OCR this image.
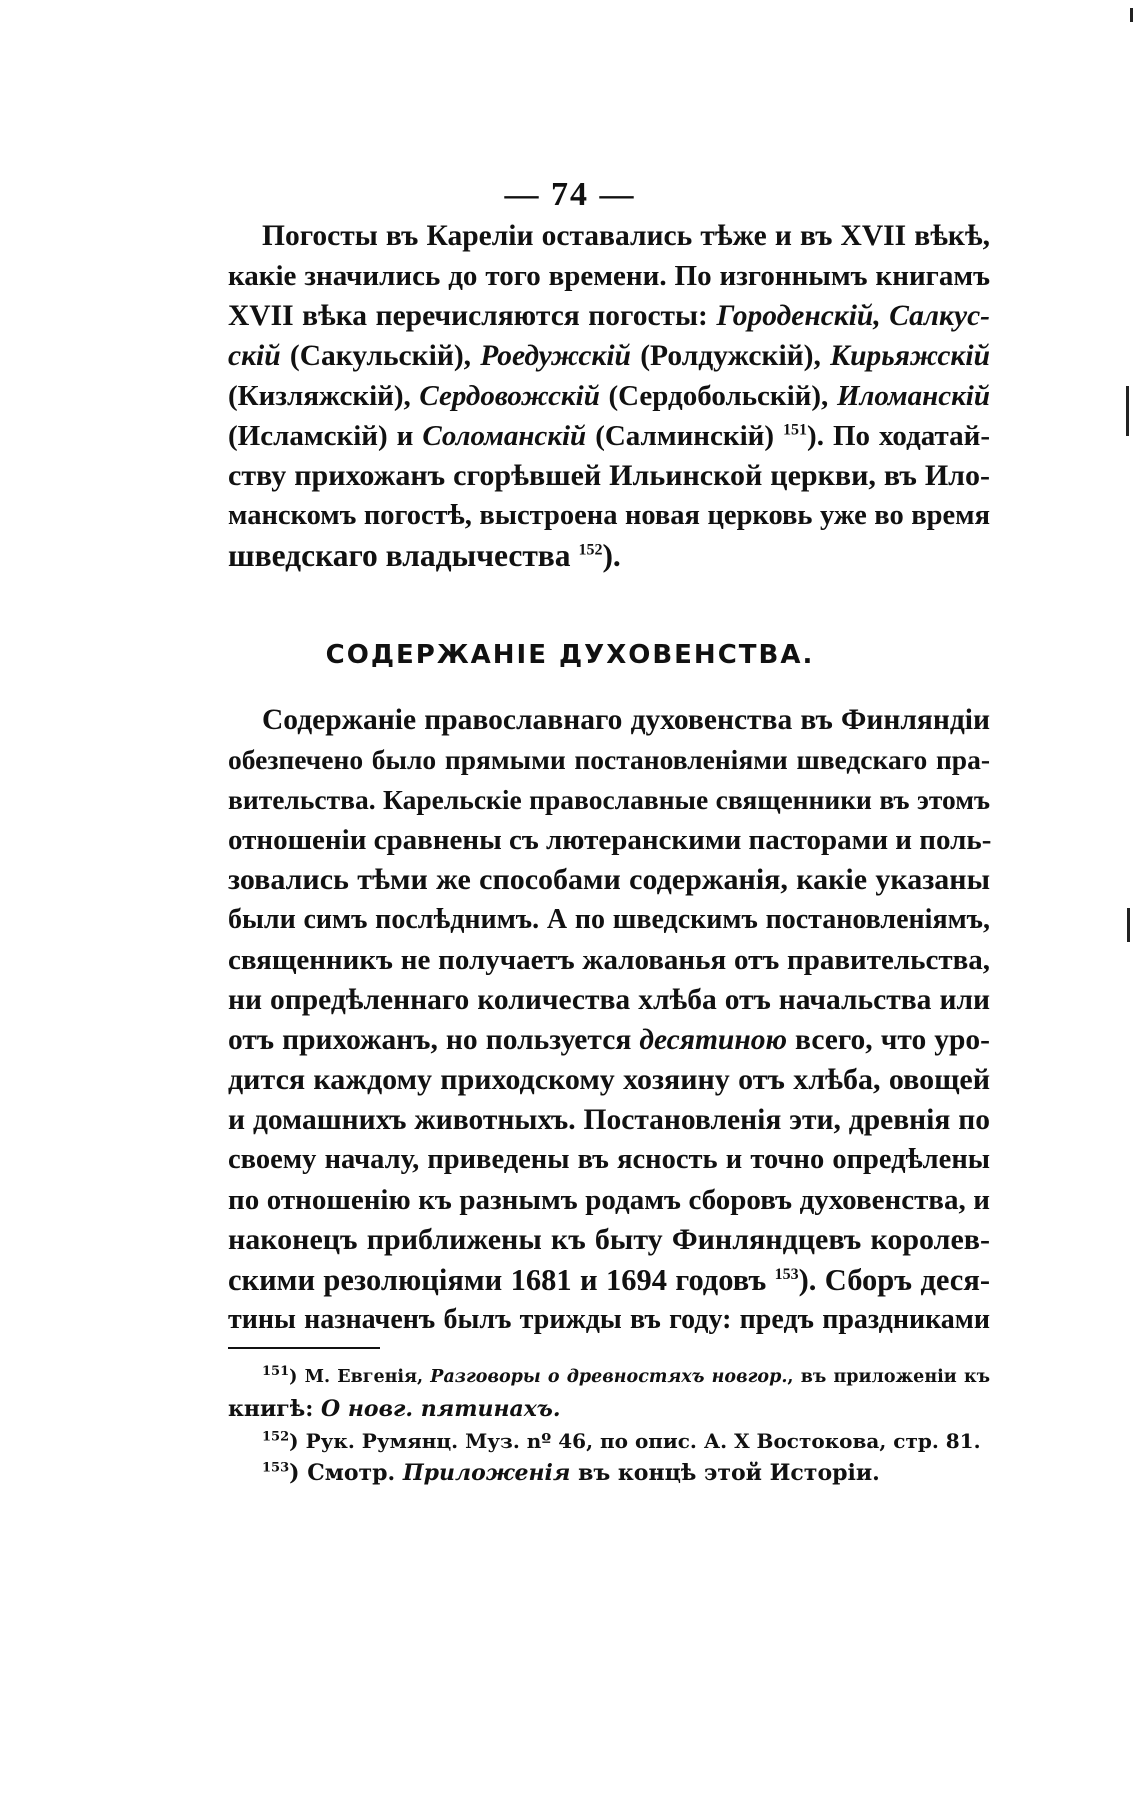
— 74 —
Погосты въ Кареліи оставались тѣже и въ XVII вѣкѣ,
какіе значились до того времени. По изгоннымъ книгамъ
XVII вѣка перечисляются погосты: Городенскій, Салкус-
скій (Сакульскій), Роедужскій (Ролдужскій), Кирьяжскій
(Кизляжскій), Сердовожскій (Сердобольскій), Иломанскій
(Исламскій) и Соломанскій (Салминскій) $^{151}$). По ходатай-
ству прихожанъ сгорѣвшей Ильинской церкви, въ Ило-
манскомъ погостѣ, выстроена новая церковь уже во время
шведскаго владычества $^{152}$).
СОДЕРЖАНІЕ ДУХОВЕНСТВА.
Содержаніе православнаго духовенства въ Финляндіи
обезпечено было прямыми постановленіями шведскаго пра-
вительства. Карельскіе православные священники въ этомъ
отношеніи сравнены съ лютеранскими пасторами и поль-
зовались тѣми же способами содержанія, какіе указаны
были симъ послѣднимъ. А по шведскимъ постановленіямъ,
священникъ не получаетъ жалованья отъ правительства,
ни опредѣленнаго количества хлѣба отъ начальства или
отъ прихожанъ, но пользуется десятиною всего, что уро-
дится каждому приходскому хозяину отъ хлѣба, овощей
и домашнихъ животныхъ. Постановленія эти, древнія по
своему началу, приведены въ ясность и точно опредѣлены
по отношенію къ разнымъ родамъ сборовъ духовенства, и
наконецъ приближены къ быту Финляндцевъ королев-
скими резолюціями 1681 и 1694 годовъ $^{153}$). Сборъ деся-
тины назначенъ былъ трижды въ году: предъ праздниками
$^{151}$) М. Евгенія, Разговоры о древностяхъ новгор., въ приложеніи къ
книгѣ: О новг. пятинахъ.
$^{152}$) Рук. Румянц. Муз. nº 46, по опис. А. Х Востокова, стр. 81.
$^{153}$) Смотр. Приложенія въ концѣ этой Исторіи.
